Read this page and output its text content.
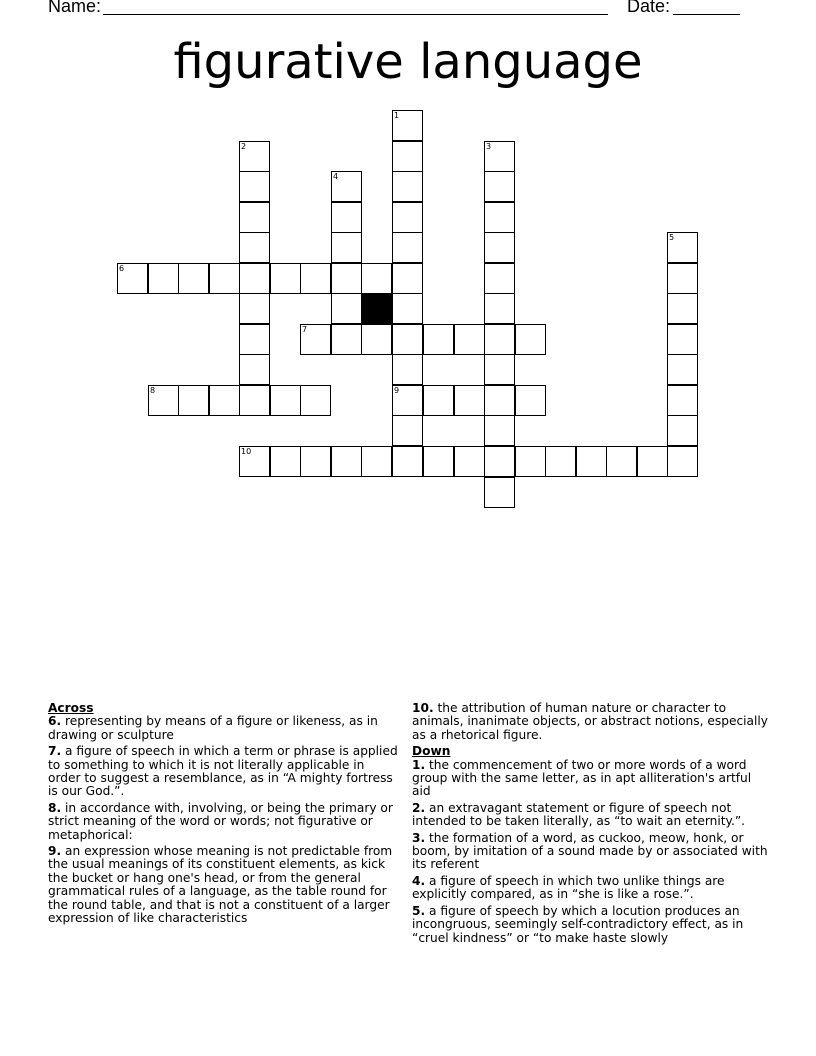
Name:	Date:
figurative language
1
9
2
10
3
4
5
6
7
8
Across
6. representing by means of a figure or likeness, as in drawing or sculpture
7. a figure of speech in which a term or phrase is applied to something to which it is not literally applicable in order to suggest a resemblance, as in “A mighty fortress is our God.”.
8. in accordance with, involving, or being the primary or strict meaning of the word or words; not figurative or metaphorical:
9. an expression whose meaning is not predictable from the usual meanings of its constituent elements, as kick the bucket or hang one's head, or from the general grammatical rules of a language, as the table round for the round table, and that is not a constituent of a larger expression of like characteristics
10. the attribution of human nature or character to animals, inanimate objects, or abstract notions, especially as a rhetorical figure.
Down
1. the commencement of two or more words of a word group with the same letter, as in apt alliteration's artful aid
2. an extravagant statement or figure of speech not intended to be taken literally, as “to wait an eternity.”.
3. the formation of a word, as cuckoo, meow, honk, or boom, by imitation of a sound made by or associated with its referent
4. a figure of speech in which two unlike things are explicitly compared, as in “she is like a rose.”.
5. a figure of speech by which a locution produces an incongruous, seemingly self-contradictory effect, as in “cruel kindness” or “to make haste slowly
